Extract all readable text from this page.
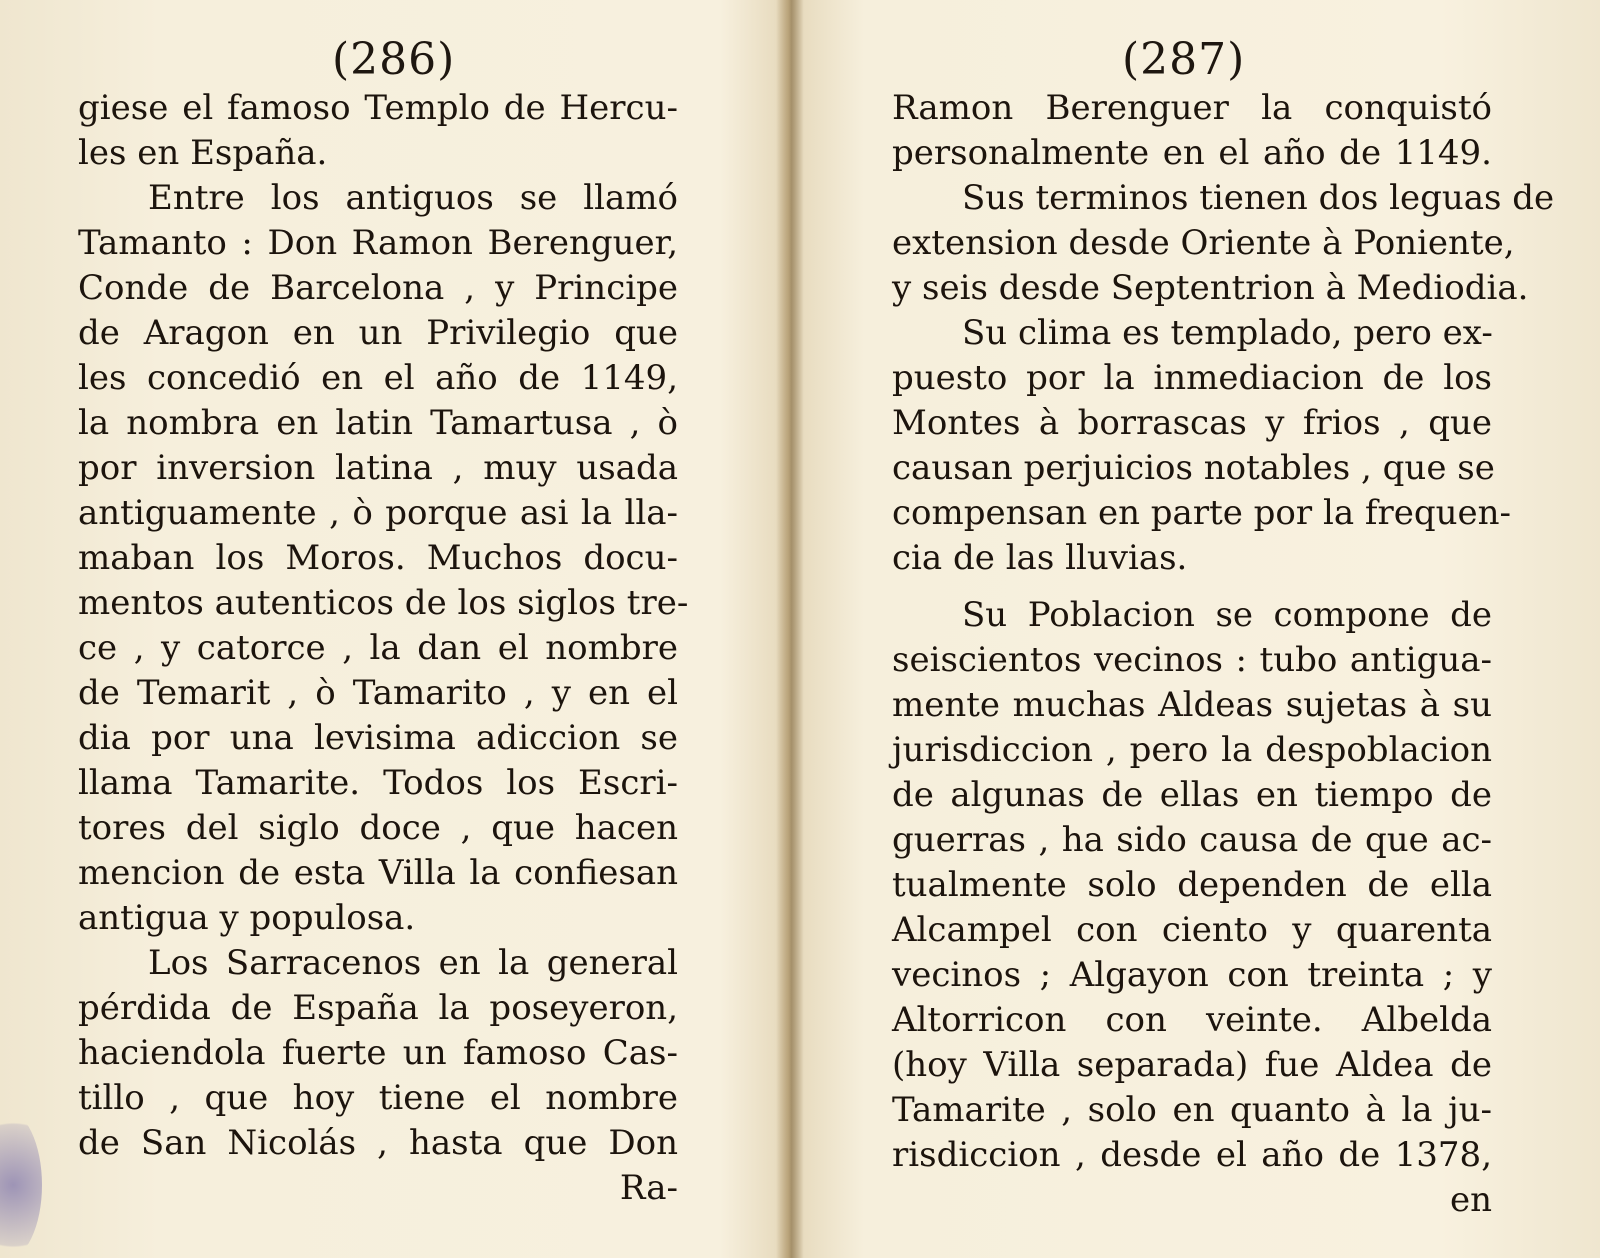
(286)
giese el famoso Templo de Hercu-
les en España.
Entre los antiguos se llamó
Tamanto : Don Ramon Berenguer,
Conde de Barcelona , y Principe
de Aragon en un Privilegio que
les concedió en el año de 1149,
la nombra en latin Tamartusa , ò
por inversion latina , muy usada
antiguamente , ò porque asi la lla-
maban los Moros. Muchos docu-
mentos autenticos de los siglos tre-
ce , y catorce , la dan el nombre
de Temarit , ò Tamarito , y en el
dia por una levisima adiccion se
llama Tamarite. Todos los Escri-
tores del siglo doce , que hacen
mencion de esta Villa la confiesan
antigua y populosa.
Los Sarracenos en la general
pérdida de España la poseyeron,
haciendola fuerte un famoso Cas-
tillo , que hoy tiene el nombre
de San Nicolás , hasta que Don
Ra-
(287)
Ramon Berenguer la conquistó
personalmente en el año de 1149.
Sus terminos tienen dos leguas de
extension desde Oriente à Poniente,
y seis desde Septentrion à Mediodia.
Su clima es templado, pero ex-
puesto por la inmediacion de los
Montes à borrascas y frios , que
causan perjuicios notables , que se
compensan en parte por la frequen-
cia de las lluvias.
Su Poblacion se compone de
seiscientos vecinos : tubo antigua-
mente muchas Aldeas sujetas à su
jurisdiccion , pero la despoblacion
de algunas de ellas en tiempo de
guerras , ha sido causa de que ac-
tualmente solo dependen de ella
Alcampel con ciento y quarenta
vecinos ; Algayon con treinta ; y
Altorricon con veinte. Albelda
(hoy Villa separada) fue Aldea de
Tamarite , solo en quanto à la ju-
risdiccion , desde el año de 1378,
en
